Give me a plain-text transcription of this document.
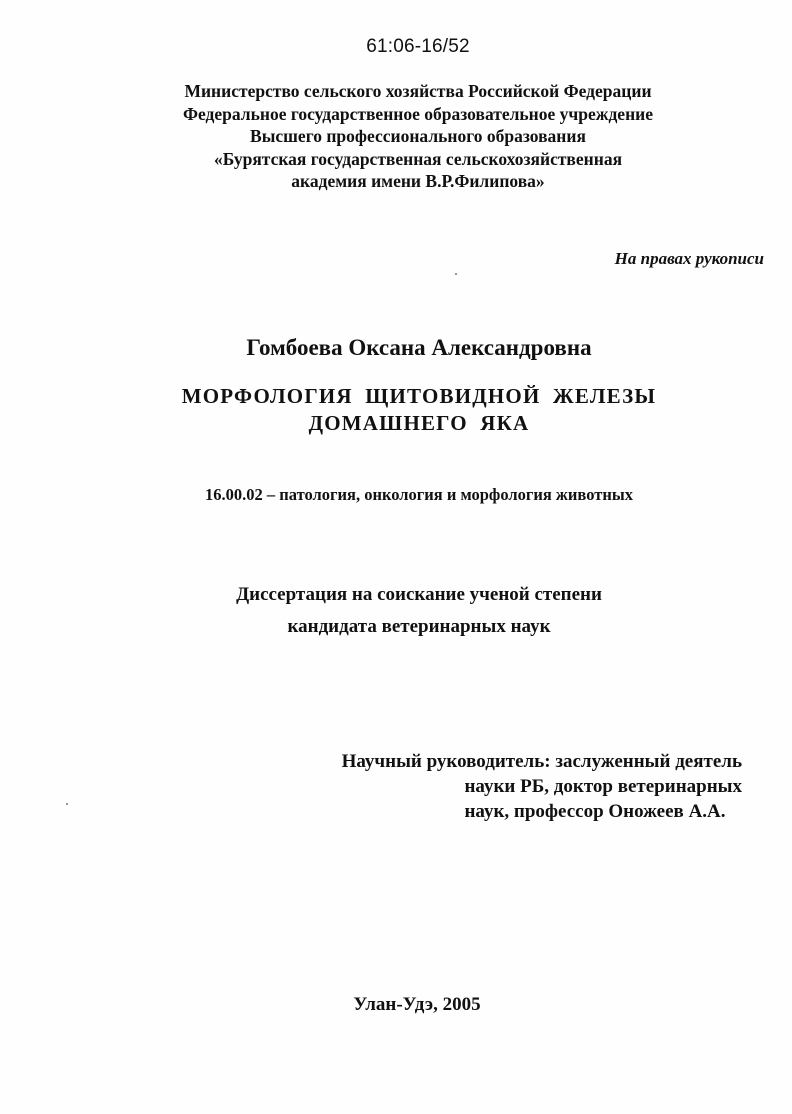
61:06-16/52
Министерство сельского хозяйства Российской Федерации
Федеральное государственное образовательное учреждение
Высшего профессионального образования
«Бурятская государственная сельскохозяйственная
академия имени В.Р.Филипова»
На правах рукописи
Гомбоева Оксана Александровна
МОРФОЛОГИЯ ЩИТОВИДНОЙ ЖЕЛЕЗЫ
ДОМАШНЕГО ЯКА
16.00.02 – патология, онкология и морфология животных
Диссертация на соискание ученой степени
кандидата ветеринарных наук
Научный руководитель: заслуженный деятель
науки РБ, доктор ветеринарных
наук, профессор Оножеев А.А.
Улан-Удэ, 2005
